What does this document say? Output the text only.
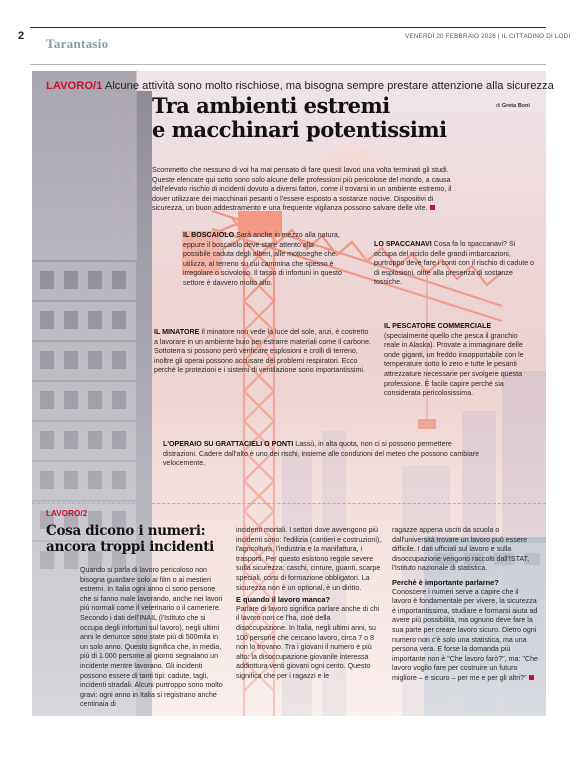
2 Tarantasio	VENERDÌ 20 FEBBRAIO 2026 | IL CITTADINO DI LODI
LAVORO/1 Alcune attività sono molto rischiose, ma bisogna sempre prestare attenzione alla sicurezza
Tra ambienti estremi
e macchinari potentissimi
di Greta Boni
Scommetto che nessuno di voi ha mai pensato di fare questi lavori una volta terminati gli studi. Queste elencate qui sotto sono solo alcune delle professioni più pericolose del mondo, a causa dell'elevato rischio di incidenti dovuto a diversi fattori, come il trovarsi in un ambiente estremo, il dover utilizzare dei macchinari pesanti o l'essere esposto a sostanze nocive. Dispositivi di sicurezza, un buon addestramento e una frequente vigilanza possono salvare delle vite.
IL BOSCAIOLO Sarà anche in mezzo alla natura, eppure il boscaiolo deve stare attento alla possibile caduta degli alberi, alle motoseghe che utilizza, al terreno su cui cammina che spesso è irregolare o scivoloso. Il tasso di infortuni in questo settore è davvero molto alto.
LO SPACCANAVI Cosa fa lo spaccanavi? Si occupa del riciclo delle grandi imbarcazioni, purtroppo deve fare i conti con il rischio di cadute o di esplosioni, oltre alla presenza di sostanze tossiche.
IL MINATORE Il minatore non vede la luce del sole, anzi, è costretto a lavorare in un ambiente buio per estrarre materiali come il carbone. Sottoterra si possono però verificare esplosioni e crolli di terreno, inoltre gli operai possono accusare dei problemi respiratori. Ecco perché le protezioni e i sistemi di ventilazione sono importantissimi.
IL PESCATORE COMMERCIALE (specialmente quello che pesca il granchio reale in Alaska). Provate a immaginare delle onde giganti, un freddo insopportabile con le temperature sotto lo zero e tutte le pesanti attrezzature necessarie per svolgere questa professione. È facile capire perché sia considerata pericolosissima.
L'OPERAIO SU GRATTACIELI O PONTI Lassù, in alta quota, non ci si possono permettere distrazioni. Cadere dall'alto è uno dei rischi, insieme alle condizioni del meteo che possono cambiare velocemente.
LAVORO/2
Cosa dicono i numeri:
ancora troppi incidenti
Quando si parla di lavoro pericoloso non bisogna guardare solo ai film o ai mestieri estremi. In Italia ogni anno ci sono persone che si fanno male lavorando, anche nei lavori più normali come il veterinario o il cameriere. Secondo i dati dell'INAIL (l'Istituto che si occupa degli infortuni sul lavoro), negli ultimi anni le denunce sono state più di 500mila in un solo anno. Questo significa che, in media, più di 1.000 persone al giorno segnalano un incidente mentre lavorano. Gli incidenti possono essere di tanti tipi: cadute, tagli, incidenti stradali. Alcuni purtroppo sono molto gravi: ogni anno in Italia si registrano anche centinaia di

incidenti mortali. I settori dove avvengono più incidenti sono: l'edilizia (cantieri e costruzioni), l'agricoltura, l'industria e la manifattura, i trasporti. Per questo esistono regole severe sulla sicurezza: caschi, cinture, guanti, scarpe speciali, corsi di formazione obbligatori. La sicurezza non è un optional, è un diritto.

E quando il lavoro manca?

Parlare di lavoro significa parlare anche di chi il lavoro non ce l'ha, cioè della disoccupazione. In Italia, negli ultimi anni, su 100 persone che cercano lavoro, circa 7 o 8 non lo trovano. Tra i giovani il numero è più alto: la disoccupazione giovanile interessa addirittura venti giovani ogni cento. Questo significa che per i ragazzi e le

ragazze appena usciti da scuola o dall'università trovare un lavoro può essere difficile. I dati ufficiali sul lavoro e sulla disoccupazione vengono raccolti dall'ISTAT, l'Istituto nazionale di statistica.

Perché è importante parlarne?

Conoscere i numeri serve a capire che il lavoro è fondamentale per vivere, la sicurezza è importantissima, studiare e formarsi aiuta ad avere più possibilità, ma ognuno deve fare la sua parte per creare lavoro sicuro. Dietro ogni numero non c'è solo una statistica, ma una persona vera. E forse la domanda più importante non è "Che lavoro farò?", ma: "Che lavoro voglio fare per costruire un futuro migliore – e sicuro – per me e per gli altri?"
